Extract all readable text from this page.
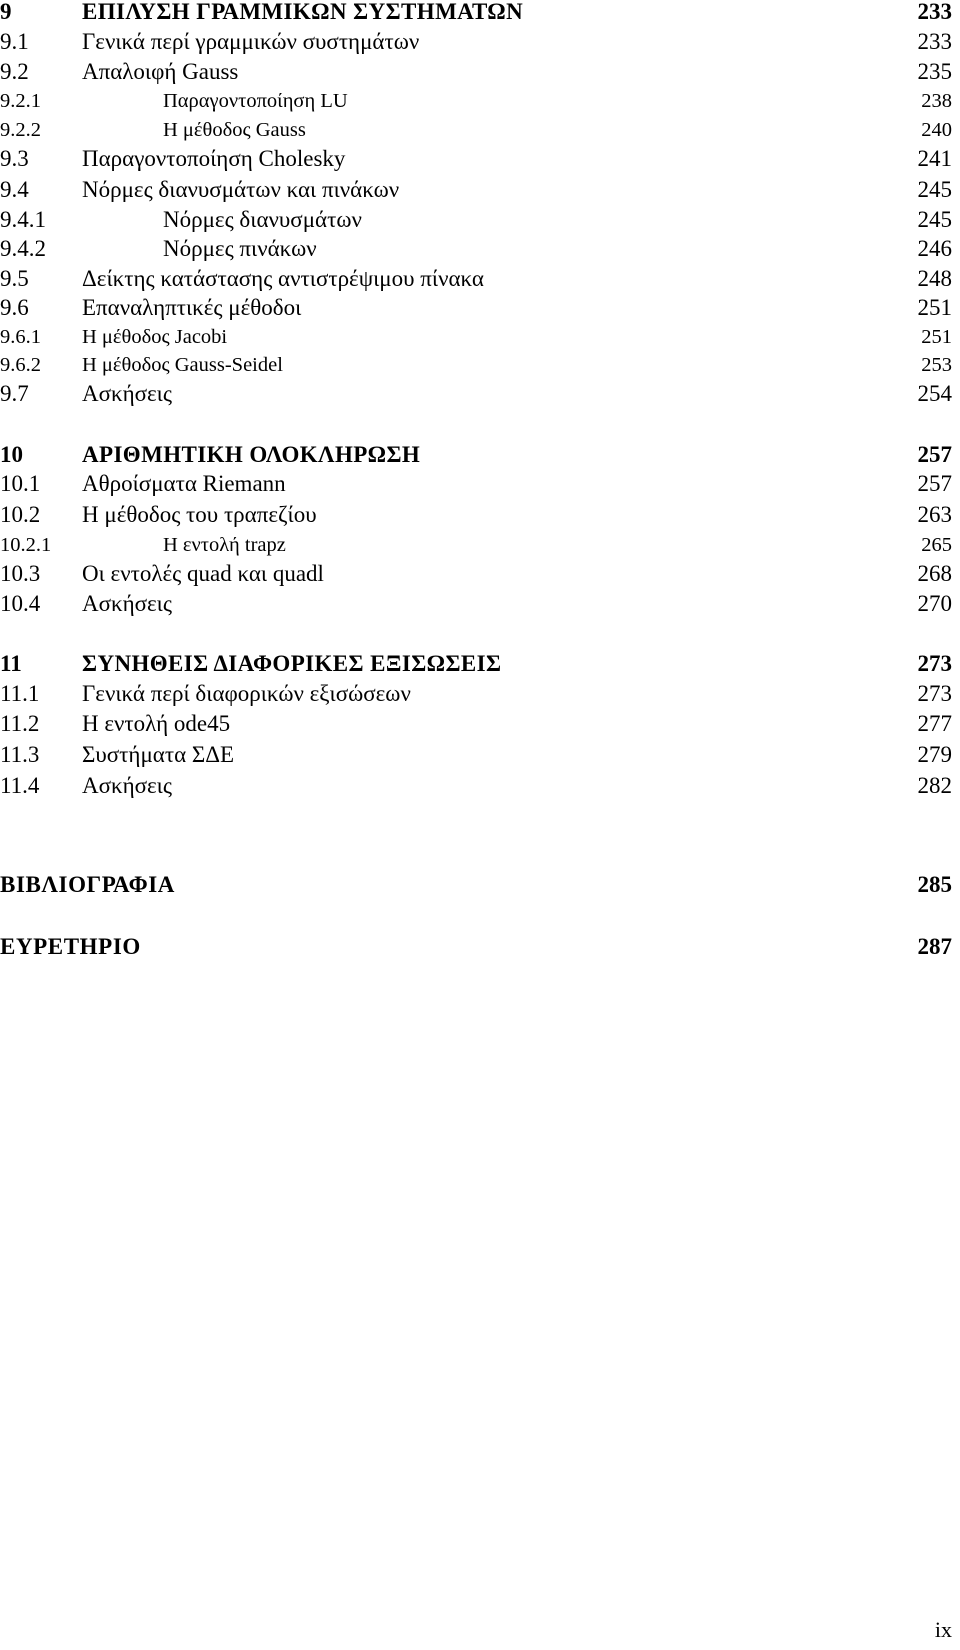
9	ΕΠΙΛΥΣΗ ΓΡΑΜΜΙΚΩΝ ΣΥΣΤΗΜΑΤΩΝ	233
9.1 Γενικά περί γραμμικών συστημάτων	233
9.2 Απαλοιφή Gauss	235
9.2.1	Παραγοντοποίηση LU	238
9.2.2	Η μέθοδος Gauss	240
9.3 Παραγοντοποίηση Cholesky	241
9.4 Νόρμες διανυσμάτων και πινάκων	245
9.4.1	Νόρμες διανυσμάτων	245
9.4.2	Νόρμες πινάκων	246
9.5 Δείκτης κατάστασης αντιστρέψιμου πίνακα	248
9.6 Επαναληπτικές μέθοδοι	251
9.6.1 Η μέθοδος Jacobi	251
9.6.2 Η μέθοδος Gauss-Seidel	253
9.7 Ασκήσεις	254
10	ΑΡΙΘΜΗΤΙΚΗ ΟΛΟΚΛΗΡΩΣΗ	257
10.1 Αθροίσματα Riemann	257
10.2 Η μέθοδος του τραπεζίου	263
10.2.1	Η εντολή trapz	265
10.3 Οι εντολές quad και quadl	268
10.4 Ασκήσεις	270
11	ΣΥΝΗΘΕΙΣ ΔΙΑΦΟΡΙΚΕΣ ΕΞΙΣΩΣΕΙΣ	273
11.1 Γενικά περί διαφορικών εξισώσεων	273
11.2 Η εντολή ode45	277
11.3 Συστήματα ΣΔΕ	279
11.4 Ασκήσεις	282
ΒΙΒΛΙΟΓΡΑΦΙΑ	285
ΕΥΡΕΤΗΡΙΟ	287
ix
